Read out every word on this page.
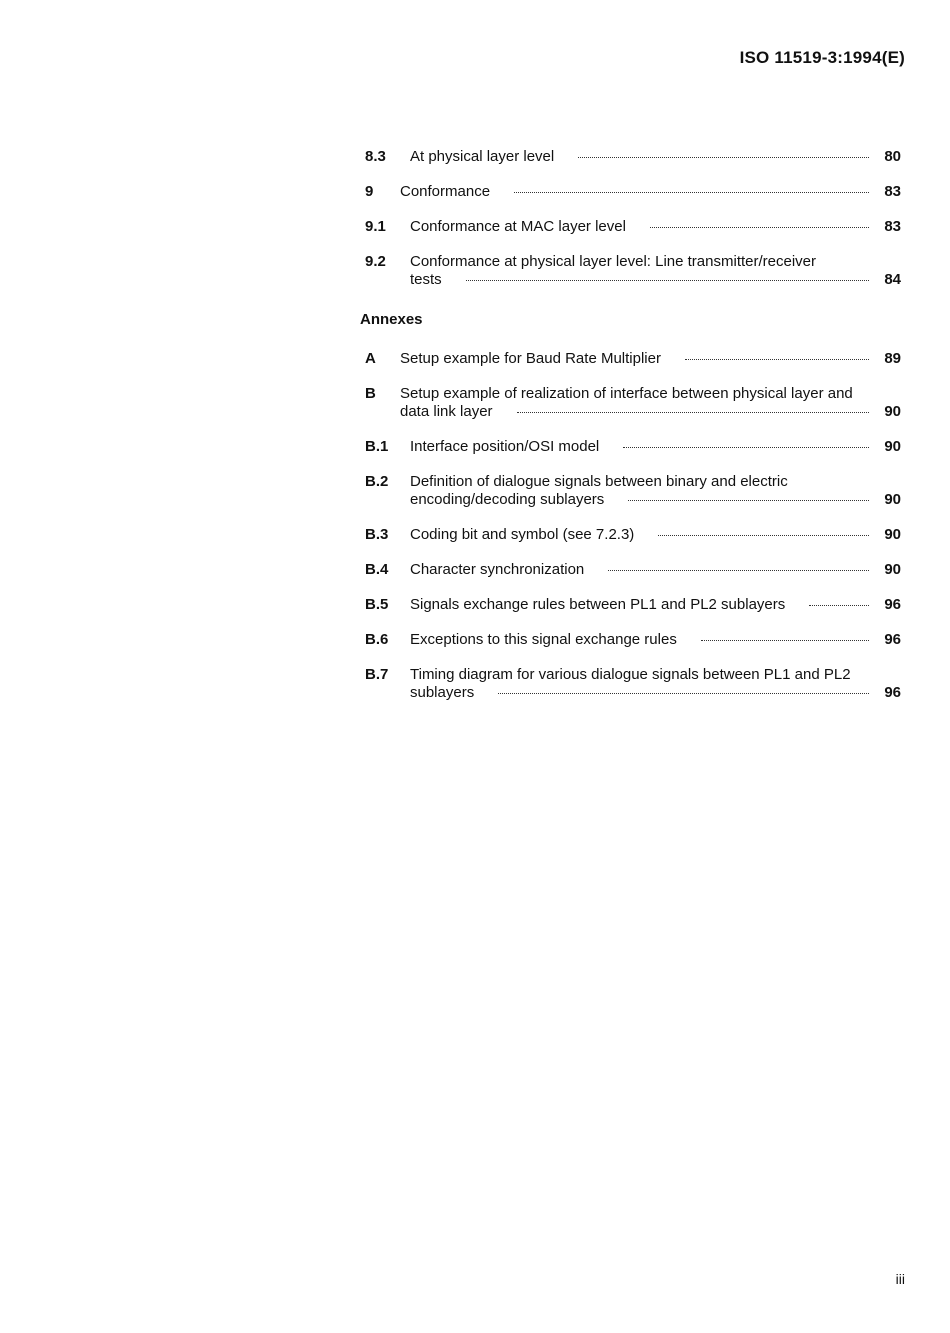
ISO 11519-3:1994(E)
8.3 At physical layer level	80
9 Conformance	83
9.1 Conformance at MAC layer level	83
9.2 Conformance at physical layer level: Line transmitter/receiver
tests	84
Annexes
A Setup example for Baud Rate Multiplier	89
B Setup example of realization of interface between physical layer and
data link layer	90
B.1 Interface position/OSI model	90
B.2 Definition of dialogue signals between binary and electric
encoding/decoding sublayers	90
B.3 Coding bit and symbol (see 7.2.3)	90
B.4 Character synchronization	90
B.5 Signals exchange rules between PL1 and PL2 sublayers	96
B.6 Exceptions to this signal exchange rules	96
B.7 Timing diagram for various dialogue signals between PL1 and PL2
sublayers	96
iii
